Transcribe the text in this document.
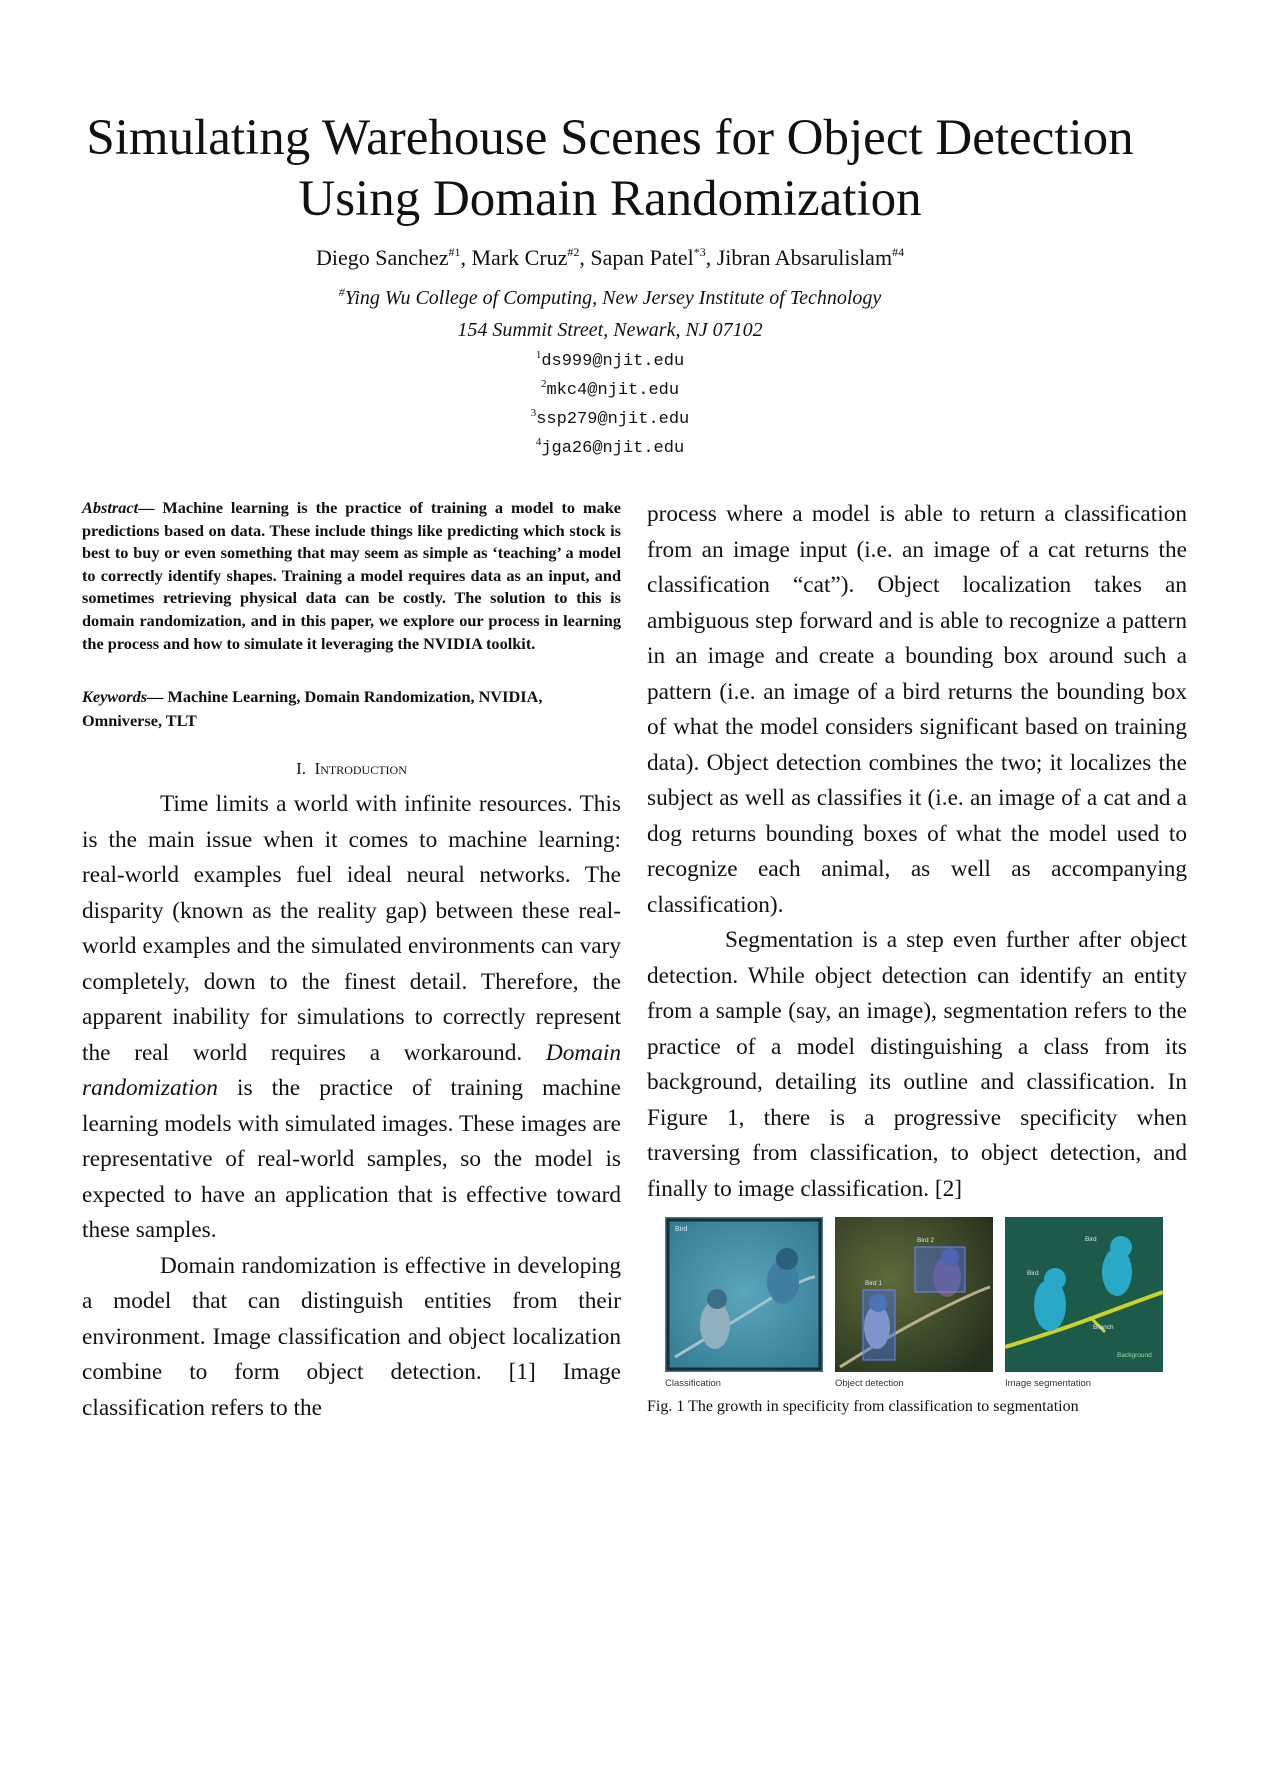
Simulating Warehouse Scenes for Object Detection
Using Domain Randomization
Diego Sanchez$^{\#1}$, Mark Cruz$^{\#2}$, Sapan Patel$^{*3}$, Jibran Absarulislam$^{\#4}$
#Ying Wu College of Computing, New Jersey Institute of Technology
154 Summit Street, Newark, NJ 07102
$^1$ds999@njit.edu
$^2$mkc4@njit.edu
$^3$ssp279@njit.edu
$^4$jga26@njit.edu

Abstract— Machine learning is the practice of training a model to make predictions based on data. These include things like predicting which stock is best to buy or even something that may seem as simple as ‘teaching’ a model to correctly identify shapes. Training a model requires data as an input, and sometimes retrieving physical data can be costly. The solution to this is domain randomization, and in this paper, we explore our process in learning the process and how to simulate it leveraging the NVIDIA toolkit.

Keywords— Machine Learning, Domain Randomization, NVIDIA, Omniverse, TLT

I. Introduction

Time limits a world with infinite resources. This is the main issue when it comes to machine learning: real-world examples fuel ideal neural networks. The disparity (known as the reality gap) between these real-world examples and the simulated environments can vary completely, down to the finest detail. Therefore, the apparent inability for simulations to correctly represent the real world requires a workaround. Domain randomization is the practice of training machine learning models with simulated images. These images are representative of real-world samples, so the model is expected to have an application that is effective toward these samples.

Domain randomization is effective in developing a model that can distinguish entities from their environment. Image classification and object localization combine to form object detection. [1] Image classification refers to the

process where a model is able to return a classification from an image input (i.e. an image of a cat returns the classification “cat”). Object localization takes an ambiguous step forward and is able to recognize a pattern in an image and create a bounding box around such a pattern (i.e. an image of a bird returns the bounding box of what the model considers significant based on training data). Object detection combines the two; it localizes the subject as well as classifies it (i.e. an image of a cat and a dog returns bounding boxes of what the model used to recognize each animal, as well as accompanying classification).

Segmentation is a step even further after object detection. While object detection can identify an entity from a sample (say, an image), segmentation refers to the practice of a model distinguishing a class from its background, detailing its outline and classification. In Figure 1, there is a progressive specificity when traversing from classification, to object detection, and finally to image classification. [2]

Bird
Classification
Bird 1
Bird 2
Object detection
Bird
Bird
Branch
Background
Image segmentation
Fig. 1 The growth in specificity from classification to segmentation
